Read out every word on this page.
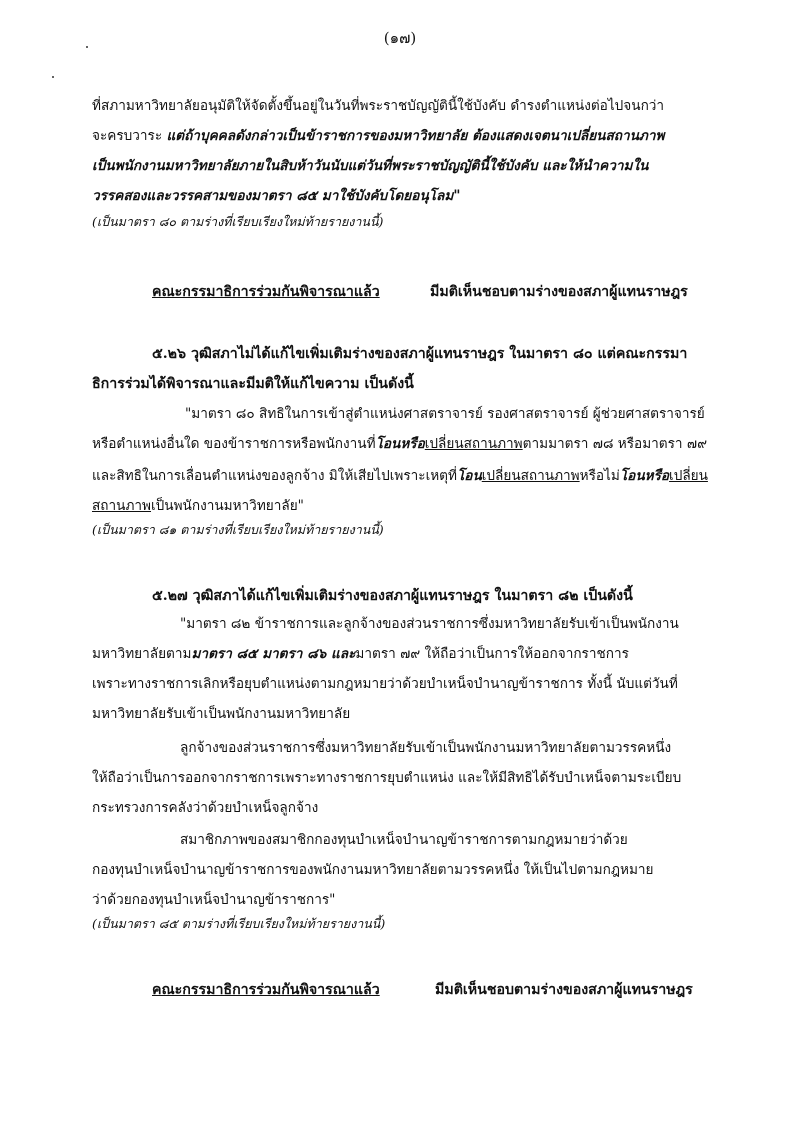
(๑๗)
ที่สภามหาวิทยาลัยอนุมัติให้จัดตั้งขึ้นอยู่ในวันที่พระราชบัญญัตินี้ใช้บังคับ ดำรงตำแหน่งต่อไปจนกว่า
จะครบวาระ แต่ถ้าบุคคลดังกล่าวเป็นข้าราชการของมหาวิทยาลัย ต้องแสดงเจตนาเปลี่ยนสถานภาพ
เป็นพนักงานมหาวิทยาลัยภายในสิบห้าวันนับแต่วันที่พระราชบัญญัตินี้ใช้บังคับ และให้นำความใน
วรรคสองและวรรคสามของมาตรา ๘๕ มาใช้บังคับโดยอนุโลม"
(เป็นมาตรา ๘๐ ตามร่างที่เรียบเรียงใหม่ท้ายรายงานนี้)
คณะกรรมาธิการร่วมกันพิจารณาแล้ว	มีมติเห็นชอบตามร่างของสภาผู้แทนราษฎร
๕.๒๖ วุฒิสภาไม่ได้แก้ไขเพิ่มเติมร่างของสภาผู้แทนราษฎร ในมาตรา ๘๐ แต่คณะกรรมา
ธิการร่วมได้พิจารณาและมีมติให้แก้ไขความ เป็นดังนี้
"มาตรา ๘๐ สิทธิในการเข้าสู่ตำแหน่งศาสตราจารย์ รองศาสตราจารย์ ผู้ช่วยศาสตราจารย์
หรือตำแหน่งอื่นใด ของข้าราชการหรือพนักงานที่โอนหรือเปลี่ยนสถานภาพตามมาตรา ๗๘ หรือมาตรา ๗๙
และสิทธิในการเลื่อนตำแหน่งของลูกจ้าง มิให้เสียไปเพราะเหตุที่โอนเปลี่ยนสถานภาพหรือไม่โอนหรือเปลี่ยน
สถานภาพเป็นพนักงานมหาวิทยาลัย"
(เป็นมาตรา ๘๑ ตามร่างที่เรียบเรียงใหม่ท้ายรายงานนี้)
๕.๒๗ วุฒิสภาได้แก้ไขเพิ่มเติมร่างของสภาผู้แทนราษฎร ในมาตรา ๘๒ เป็นดังนี้
"มาตรา ๘๒ ข้าราชการและลูกจ้างของส่วนราชการซึ่งมหาวิทยาลัยรับเข้าเป็นพนักงาน
มหาวิทยาลัยตามมาตรา ๘๕ มาตรา ๘๖ และมาตรา ๗๙ ให้ถือว่าเป็นการให้ออกจากราชการ
เพราะทางราชการเลิกหรือยุบตำแหน่งตามกฎหมายว่าด้วยบำเหน็จบำนาญข้าราชการ ทั้งนี้ นับแต่วันที่
มหาวิทยาลัยรับเข้าเป็นพนักงานมหาวิทยาลัย
ลูกจ้างของส่วนราชการซึ่งมหาวิทยาลัยรับเข้าเป็นพนักงานมหาวิทยาลัยตามวรรคหนึ่ง
ให้ถือว่าเป็นการออกจากราชการเพราะทางราชการยุบตำแหน่ง และให้มีสิทธิได้รับบำเหน็จตามระเบียบ
กระทรวงการคลังว่าด้วยบำเหน็จลูกจ้าง
สมาชิกภาพของสมาชิกกองทุนบำเหน็จบำนาญข้าราชการตามกฎหมายว่าด้วย
กองทุนบำเหน็จบำนาญข้าราชการของพนักงานมหาวิทยาลัยตามวรรคหนึ่ง ให้เป็นไปตามกฎหมาย
ว่าด้วยกองทุนบำเหน็จบำนาญข้าราชการ"
(เป็นมาตรา ๘๕ ตามร่างที่เรียบเรียงใหม่ท้ายรายงานนี้)
คณะกรรมาธิการร่วมกันพิจารณาแล้ว	มีมติเห็นชอบตามร่างของสภาผู้แทนราษฎร
